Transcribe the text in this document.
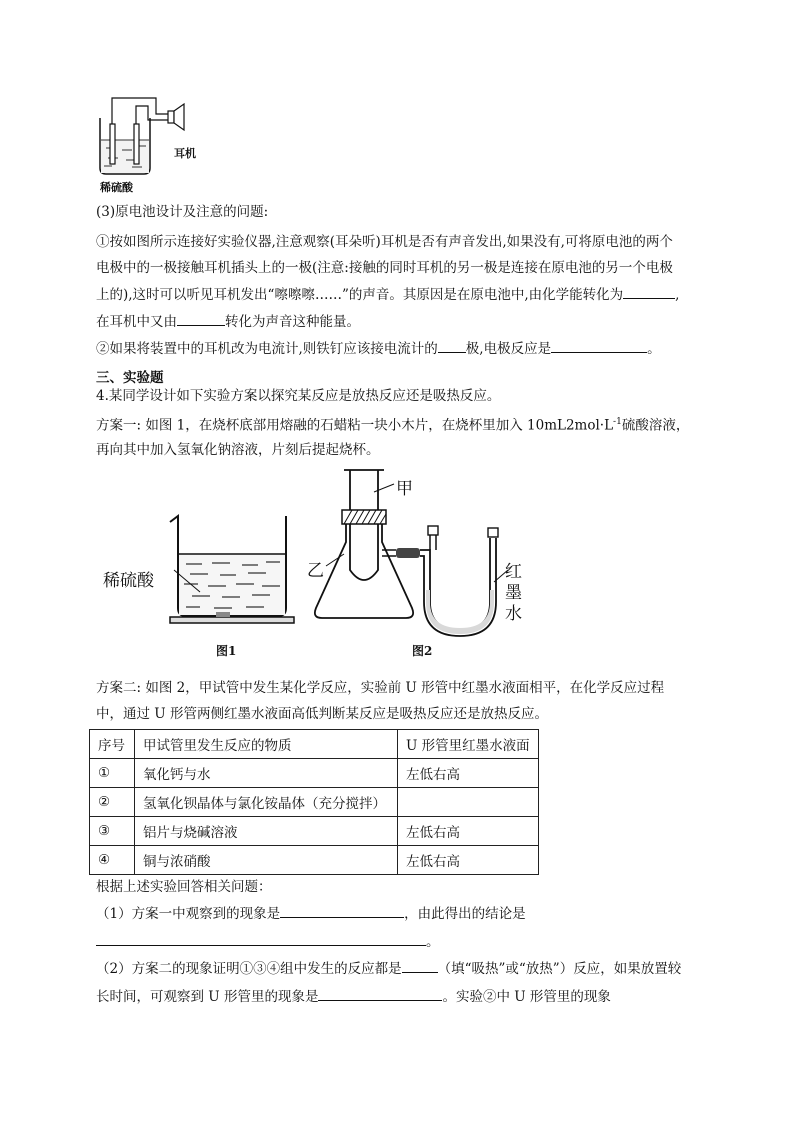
耳机
稀硫酸
(3)原电池设计及注意的问题:
①按如图所示连接好实验仪器,注意观察(耳朵听)耳机是否有声音发出,如果没有,可将原电池的两个
电极中的一极接触耳机插头上的一极(注意:接触的同时耳机的另一极是连接在原电池的另一个电极
上的),这时可以听见耳机发出“嚓嚓嚓……”的声音。其原因是在原电池中,由化学能转化为	,
在耳机中又由	转化为声音这种能量。
②如果将装置中的耳机改为电流计,则铁钉应该接电流计的 极,电极反应是	。
三、实验题
4.某同学设计如下实验方案以探究某反应是放热反应还是吸热反应。
方案一: 如图 1，在烧杯底部用熔融的石蜡粘一块小木片，在烧杯里加入 $10mL2mol\cdot L^{-1}$硫酸溶液，
再向其中加入氢氧化钠溶液，片刻后提起烧杯。
稀硫酸
图1
甲
乙	红
墨
水
图2
方案二: 如图 2，甲试管中发生某化学反应，实验前 U 形管中红墨水液面相平，在化学反应过程
中，通过 U 形管两侧红墨水液面高低判断某反应是吸热反应还是放热反应。
序号	甲试管里发生反应的物质	U 形管里红墨水液面
①	氧化钙与水	左低右高
②	氢氧化钡晶体与氯化铵晶体（充分搅拌）	
③	铝片与烧碱溶液	左低右高
④	铜与浓硝酸	左低右高
根据上述实验回答相关问题：
（1）方案一中观察到的现象是	，由此得出的结论是
。
（2）方案二的现象证明①③④组中发生的反应都是	（填“吸热”或“放热”）反应，如果放置较
长时间，可观察到 U 形管里的现象是	。实验②中 U 形管里的现象
